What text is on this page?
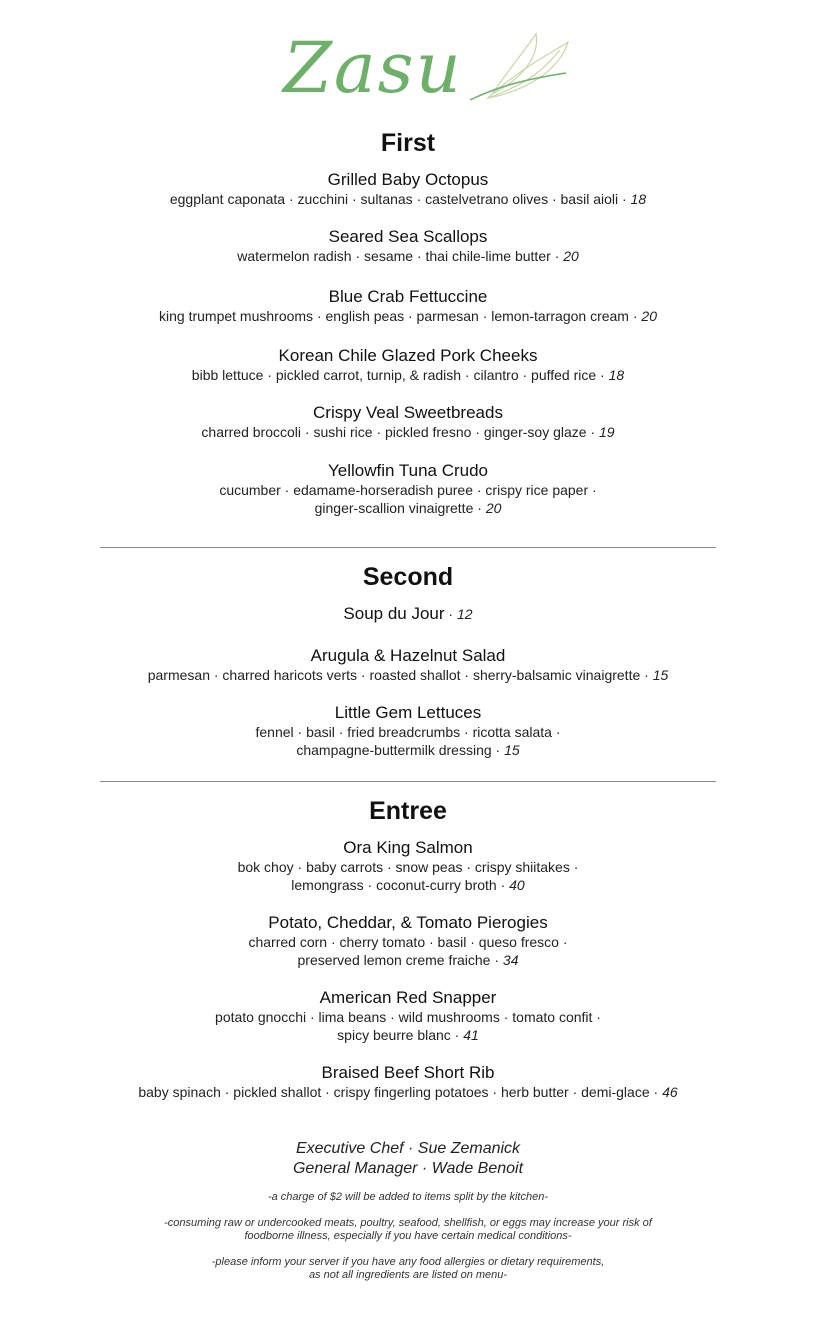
Zasu
First
Grilled Baby Octopus
eggplant caponata · zucchini · sultanas · castelvetrano olives · basil aioli · 18
Seared Sea Scallops
watermelon radish · sesame · thai chile-lime butter · 20
Blue Crab Fettuccine
king trumpet mushrooms · english peas · parmesan · lemon-tarragon cream · 20
Korean Chile Glazed Pork Cheeks
bibb lettuce · pickled carrot, turnip, & radish · cilantro · puffed rice · 18
Crispy Veal Sweetbreads
charred broccoli · sushi rice · pickled fresno · ginger-soy glaze · 19
Yellowfin Tuna Crudo
cucumber · edamame-horseradish puree · crispy rice paper ·
ginger-scallion vinaigrette · 20
Second
Soup du Jour · 12
Arugula & Hazelnut Salad
parmesan · charred haricots verts · roasted shallot · sherry-balsamic vinaigrette · 15
Little Gem Lettuces
fennel · basil · fried breadcrumbs · ricotta salata ·
champagne-buttermilk dressing · 15
Entree
Ora King Salmon
bok choy · baby carrots · snow peas · crispy shiitakes ·
lemongrass · coconut-curry broth · 40
Potato, Cheddar, & Tomato Pierogies
charred corn · cherry tomato · basil · queso fresco ·
preserved lemon creme fraiche · 34
American Red Snapper
potato gnocchi · lima beans · wild mushrooms · tomato confit ·
spicy beurre blanc · 41
Braised Beef Short Rib
baby spinach · pickled shallot · crispy fingerling potatoes · herb butter · demi-glace · 46
Executive Chef · Sue Zemanick
General Manager · Wade Benoit
-a charge of $2 will be added to items split by the kitchen-
-consuming raw or undercooked meats, poultry, seafood, shellfish, or eggs may increase your risk of
foodborne illness, especially if you have certain medical conditions-
-please inform your server if you have any food allergies or dietary requirements,
as not all ingredients are listed on menu-
